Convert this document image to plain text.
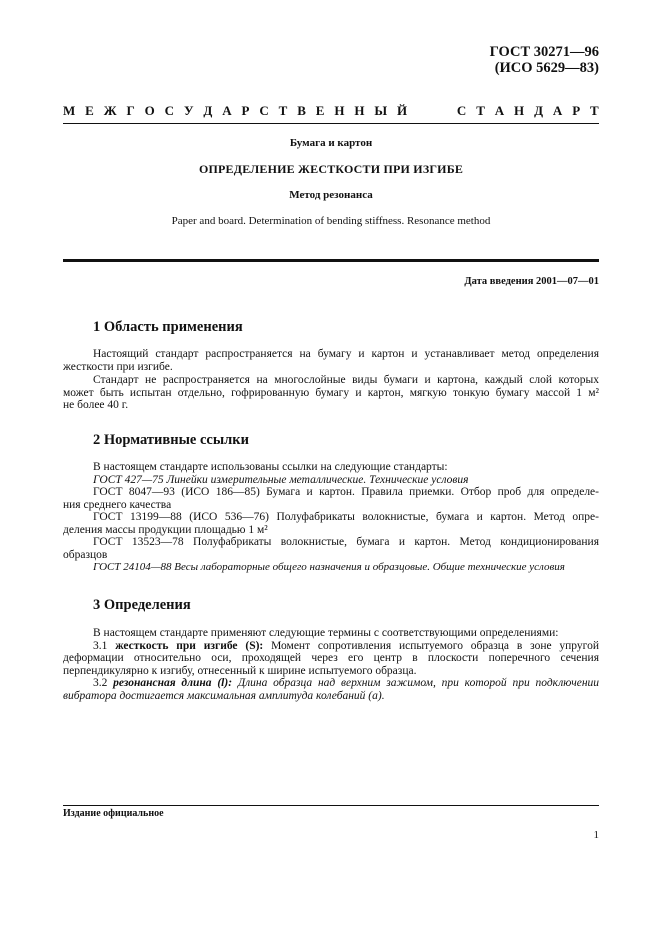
ГОСТ 30271—96
(ИСО 5629—83)
М Е Ж Г О С У Д А Р С Т В Е Н Н Ы Й	С Т А Н Д А Р Т
Бумага и картон
ОПРЕДЕЛЕНИЕ ЖЕСТКОСТИ ПРИ ИЗГИБЕ
Метод резонанса
Paper and board. Determination of bending stiffness. Resonance method
Дата введения 2001—07—01
1 Область применения
Настоящий стандарт распространяется на бумагу и картон и устанавливает метод определения
жесткости при изгибе.
Стандарт не распространяется на многослойные виды бумаги и картона, каждый слой которых
может быть испытан отдельно, гофрированную бумагу и картон, мягкую тонкую бумагу массой 1 м²
не более 40 г.
2 Нормативные ссылки
В настоящем стандарте использованы ссылки на следующие стандарты:
ГОСТ 427—75 Линейки измерительные металлические. Технические условия
ГОСТ 8047—93 (ИСО 186—85) Бумага и картон. Правила приемки. Отбор проб для определе-
ния среднего качества
ГОСТ 13199—88 (ИСО 536—76) Полуфабрикаты волокнистые, бумага и картон. Метод опре-
деления массы продукции площадью 1 м²
ГОСТ 13523—78 Полуфабрикаты волокнистые, бумага и картон. Метод кондиционирования
образцов
ГОСТ 24104—88 Весы лабораторные общего назначения и образцовые. Общие технические условия
3 Определения
В настоящем стандарте применяют следующие термины с соответствующими определениями:
3.1 жесткость при изгибе (S): Момент сопротивления испытуемого образца в зоне упругой
деформации относительно оси, проходящей через его центр в плоскости поперечного сечения
перпендикулярно к изгибу, отнесенный к ширине испытуемого образца.
3.2 резонансная длина (l): Длина образца над верхним зажимом, при которой при подключении
вибратора достигается максимальная амплитуда колебаний (а).
Издание официальное
1
